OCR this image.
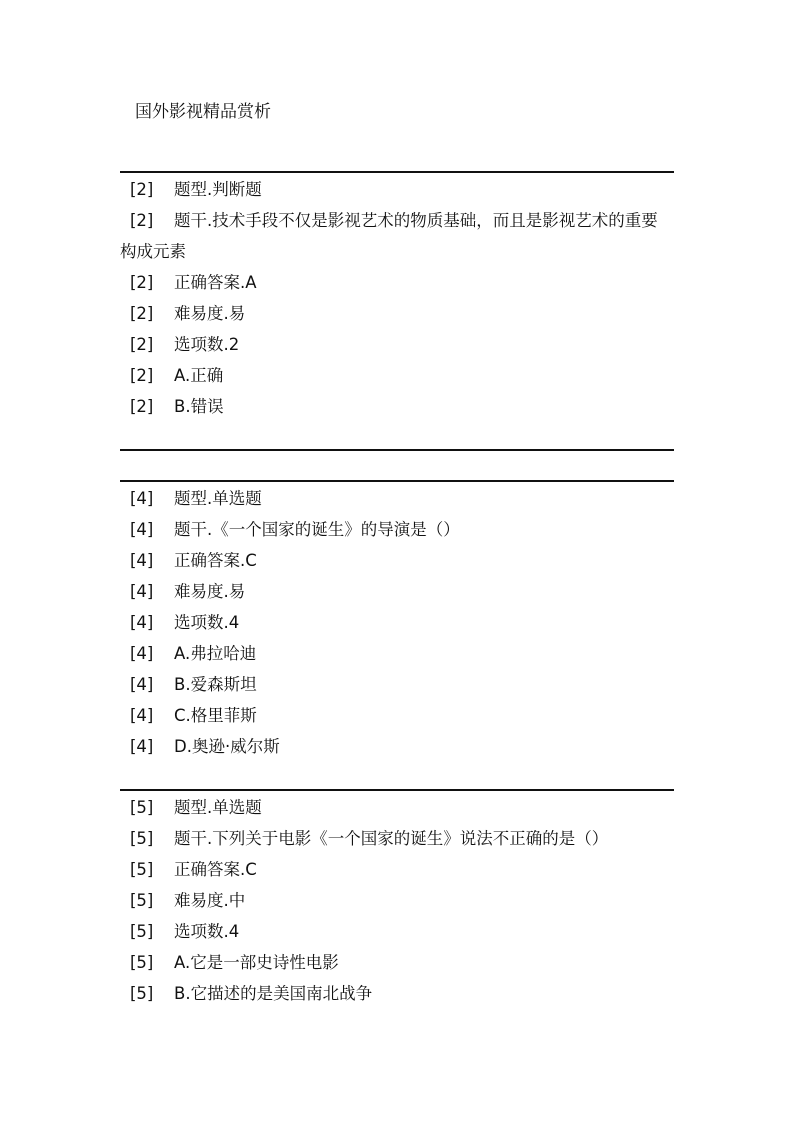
国外影视精品赏析
[2] 题型.判断题
[2]	题干.技术手段不仅是影视艺术的物质基础，而且是影视艺术的重要构成元素
[2] 正确答案.A
[2] 难易度.易
[2] 选项数.2
[2] A.正确
[2] B.错误
[4] 题型.单选题
[4] 题干.《一个国家的诞生》的导演是（）
[4] 正确答案.C
[4] 难易度.易
[4] 选项数.4
[4] A.弗拉哈迪
[4] B.爱森斯坦
[4] C.格里菲斯
[4] D.奥逊·威尔斯
[5] 题型.单选题
[5] 题干.下列关于电影《一个国家的诞生》说法不正确的是（）
[5] 正确答案.C
[5] 难易度.中
[5] 选项数.4
[5] A.它是一部史诗性电影
[5] B.它描述的是美国南北战争
